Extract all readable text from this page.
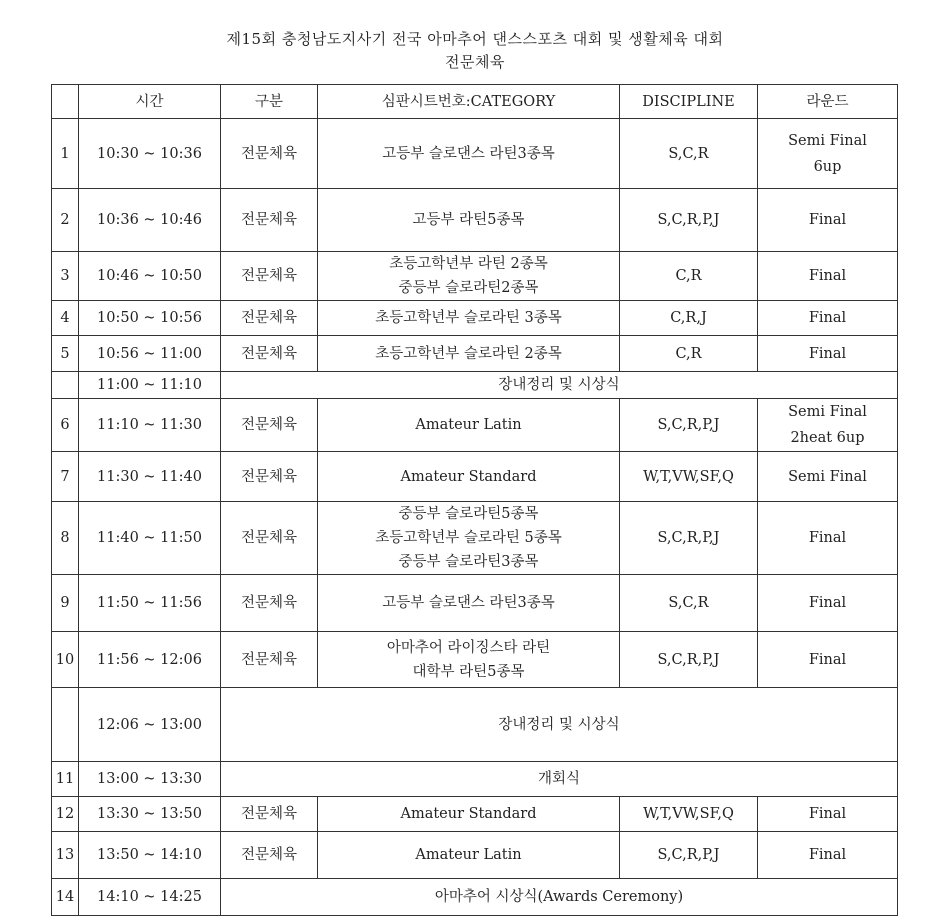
제15회 충청남도지사기 전국 아마추어 댄스스포츠 대회 및 생활체육 대회
전문체육
	시간	구분	심판시트번호:CATEGORY	DISCIPLINE	라운드
1	10:30 ~ 10:36	전문체육	고등부 슬로댄스 라틴3종목	S,C,R	Semi Final
6up

2	10:36 ~ 10:46	전문체육	고등부 라틴5종목	S,C,R,P,J	Final

3	10:46 ~ 10:50	전문체육	초등고학년부 라틴 2종목
중등부 슬로라틴2종목	C,R	Final

4	10:50 ~ 10:56	전문체육	초등고학년부 슬로라틴 3종목	C,R,J	Final

5	10:56 ~ 11:00	전문체육	초등고학년부 슬로라틴 2종목	C,R	Final

	11:00 ~ 11:10	장내정리 및 시상식			
6	11:10 ~ 11:30	전문체육	Amateur Latin	S,C,R,P,J	Semi Final
2heat 6up

7	11:30 ~ 11:40	전문체육	Amateur Standard	W,T,VW,SF,Q	Semi Final

8	11:40 ~ 11:50	전문체육	중등부 슬로라틴5종목
초등고학년부 슬로라틴 5종목
중등부 슬로라틴3종목	S,C,R,P,J	Final

9	11:50 ~ 11:56	전문체육	고등부 슬로댄스 라틴3종목	S,C,R	Final

10	11:56 ~ 12:06	전문체육	아마추어 라이징스타 라틴
대학부 라틴5종목	S,C,R,P,J	Final

	12:06 ~ 13:00	장내정리 및 시상식			
11	13:00 ~ 13:30	개회식			
12	13:30 ~ 13:50	전문체육	Amateur Standard	W,T,VW,SF,Q	Final

13	13:50 ~ 14:10	전문체육	Amateur Latin	S,C,R,P,J	Final

14	14:10 ~ 14:25	아마추어 시상식(Awards Ceremony)			
